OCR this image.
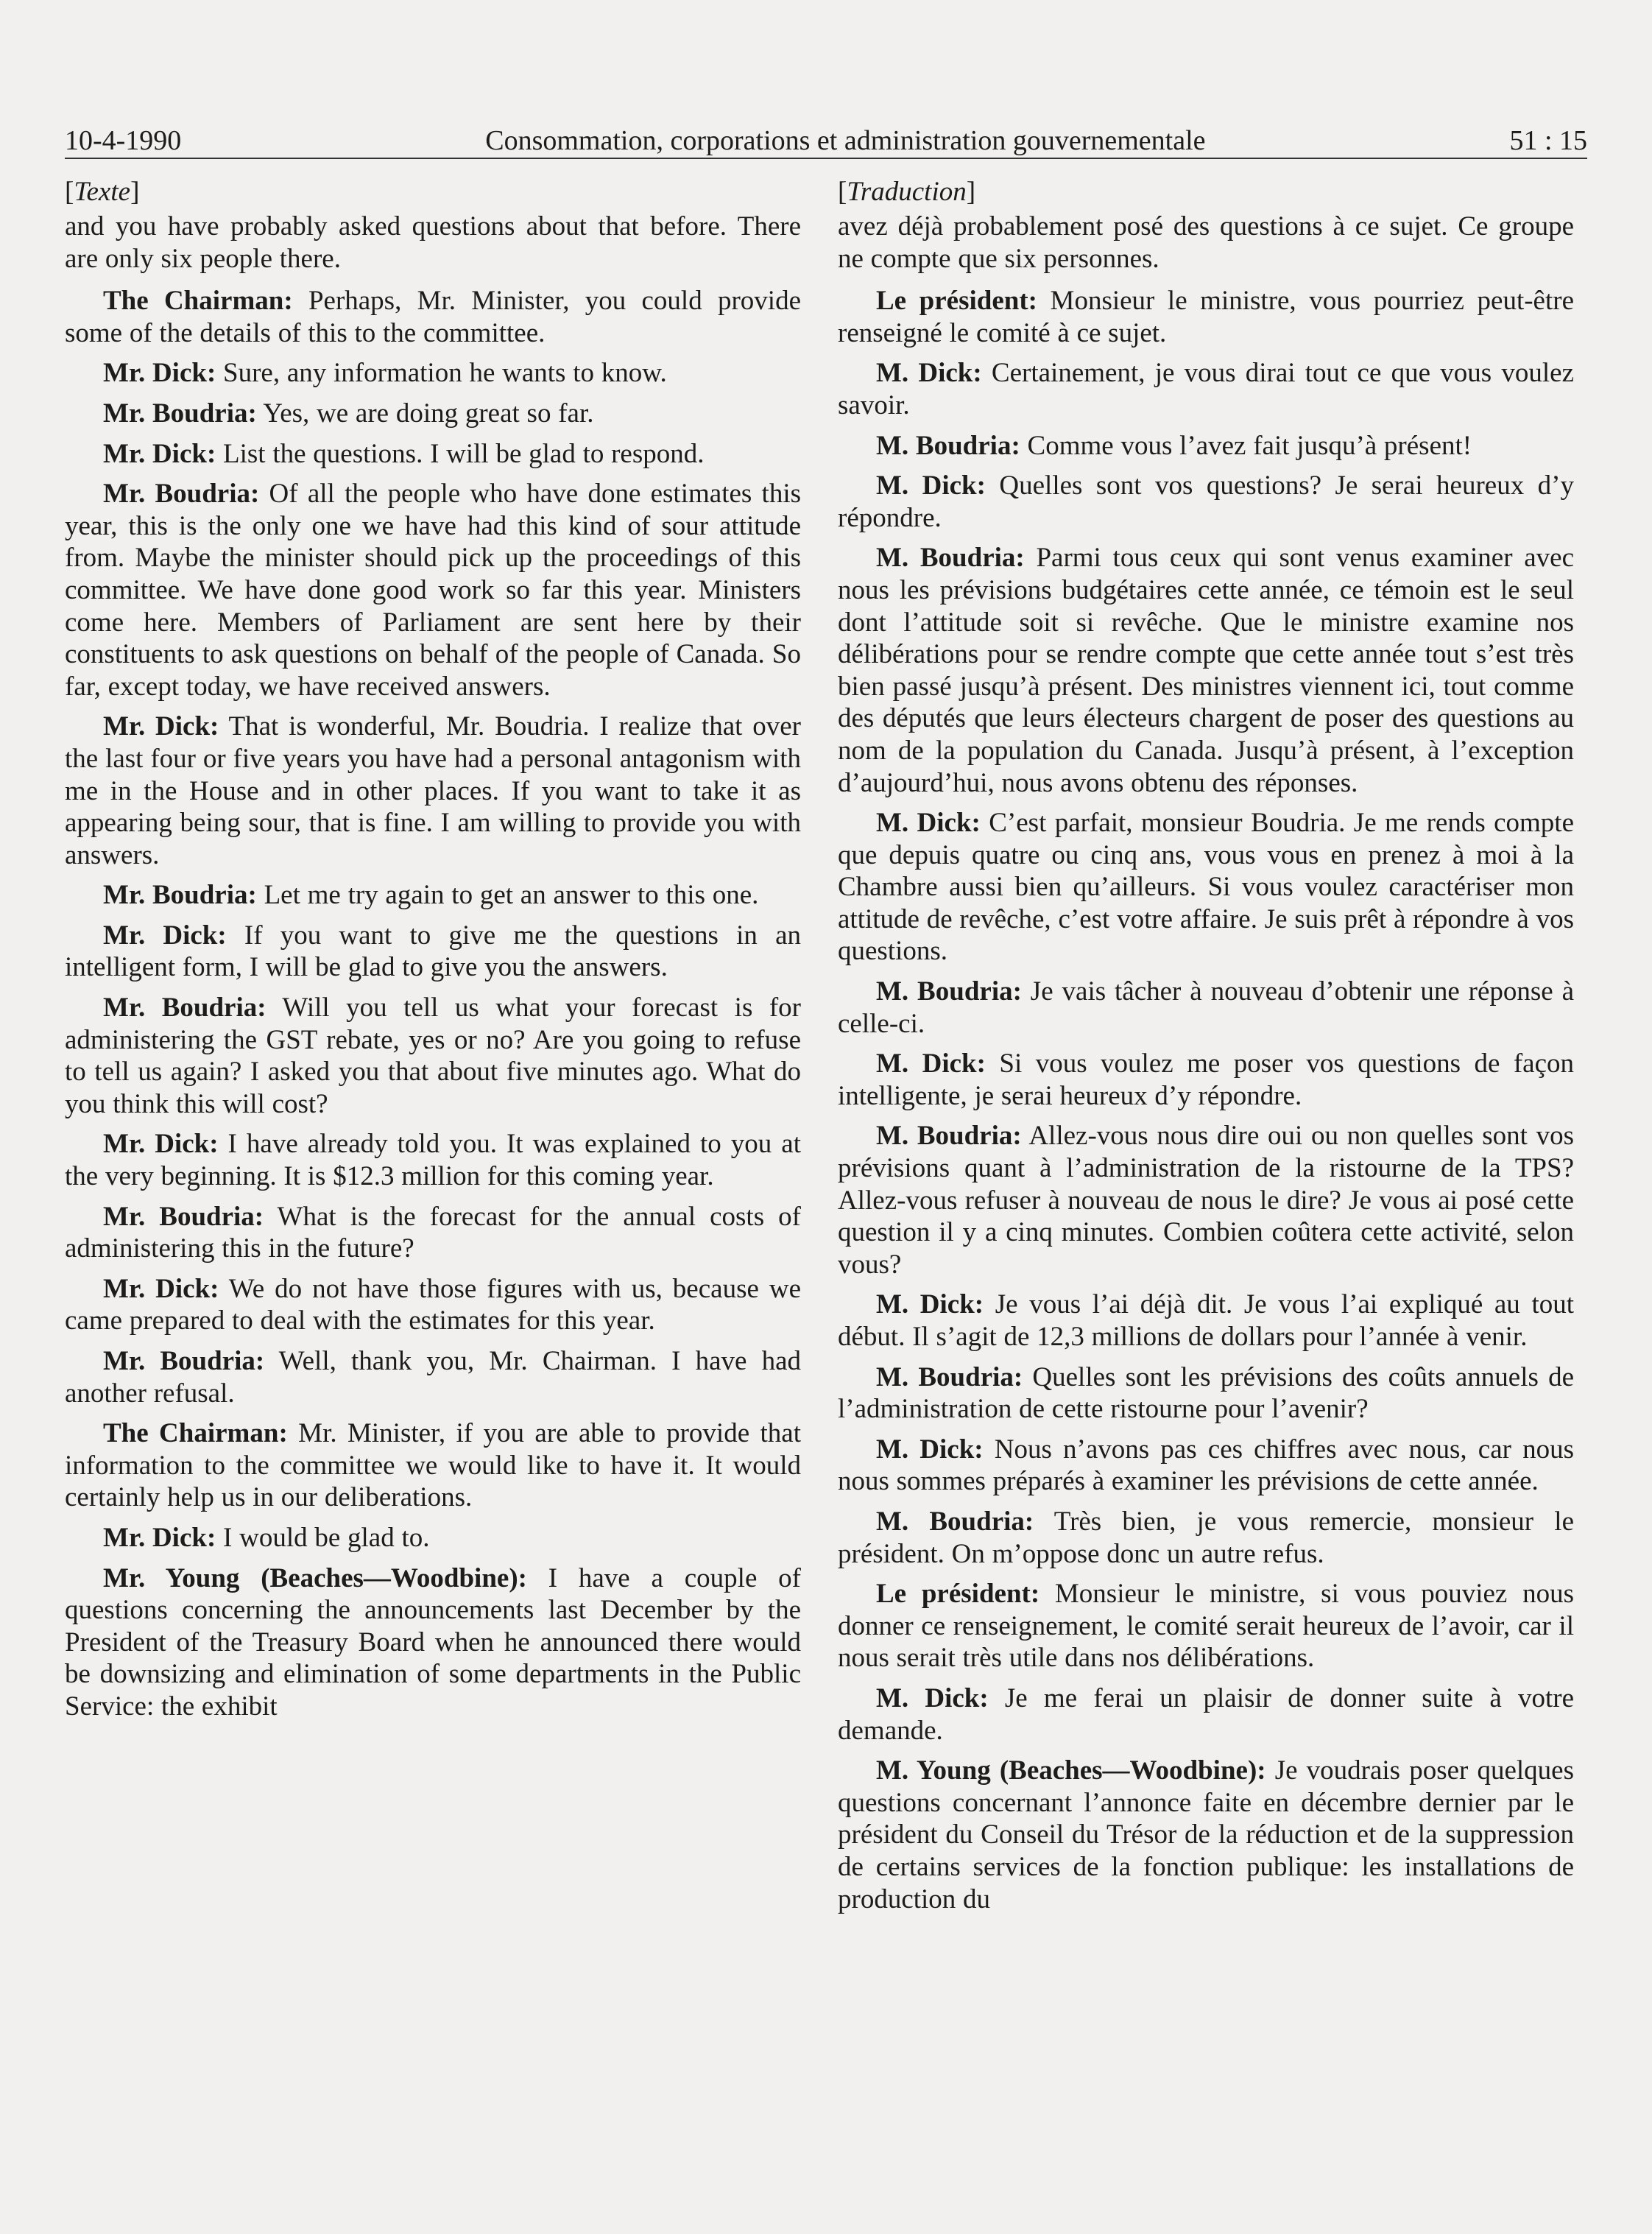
10-4-1990	Consommation, corporations et administration gouvernementale	51 : 15
[Texte]

and you have probably asked questions about that before. There are only six people there.

The Chairman: Perhaps, Mr. Minister, you could provide some of the details of this to the committee.

Mr. Dick: Sure, any information he wants to know.

Mr. Boudria: Yes, we are doing great so far.

Mr. Dick: List the questions. I will be glad to respond.

Mr. Boudria: Of all the people who have done estimates this year, this is the only one we have had this kind of sour attitude from. Maybe the minister should pick up the proceedings of this committee. We have done good work so far this year. Ministers come here. Members of Parliament are sent here by their constituents to ask questions on behalf of the people of Canada. So far, except today, we have received answers.

Mr. Dick: That is wonderful, Mr. Boudria. I realize that over the last four or five years you have had a personal antagonism with me in the House and in other places. If you want to take it as appearing being sour, that is fine. I am willing to provide you with answers.

Mr. Boudria: Let me try again to get an answer to this one.

Mr. Dick: If you want to give me the questions in an intelligent form, I will be glad to give you the answers.

Mr. Boudria: Will you tell us what your forecast is for administering the GST rebate, yes or no? Are you going to refuse to tell us again? I asked you that about five minutes ago. What do you think this will cost?

Mr. Dick: I have already told you. It was explained to you at the very beginning. It is $12.3 million for this coming year.

Mr. Boudria: What is the forecast for the annual costs of administering this in the future?

Mr. Dick: We do not have those figures with us, because we came prepared to deal with the estimates for this year.

Mr. Boudria: Well, thank you, Mr. Chairman. I have had another refusal.

The Chairman: Mr. Minister, if you are able to provide that information to the committee we would like to have it. It would certainly help us in our deliberations.

Mr. Dick: I would be glad to.

Mr. Young (Beaches—Woodbine): I have a couple of questions concerning the announcements last December by the President of the Treasury Board when he announced there would be downsizing and elimination of some departments in the Public Service: the exhibit

[Traduction]

avez déjà probablement posé des questions à ce sujet. Ce groupe ne compte que six personnes.

Le président: Monsieur le ministre, vous pourriez peut-être renseigné le comité à ce sujet.

M. Dick: Certainement, je vous dirai tout ce que vous voulez savoir.

M. Boudria: Comme vous l’avez fait jusqu’à présent!

M. Dick: Quelles sont vos questions? Je serai heureux d’y répondre.

M. Boudria: Parmi tous ceux qui sont venus examiner avec nous les prévisions budgétaires cette année, ce témoin est le seul dont l’attitude soit si revêche. Que le ministre examine nos délibérations pour se rendre compte que cette année tout s’est très bien passé jusqu’à présent. Des ministres viennent ici, tout comme des députés que leurs électeurs chargent de poser des questions au nom de la population du Canada. Jusqu’à présent, à l’exception d’aujourd’hui, nous avons obtenu des réponses.

M. Dick: C’est parfait, monsieur Boudria. Je me rends compte que depuis quatre ou cinq ans, vous vous en prenez à moi à la Chambre aussi bien qu’ailleurs. Si vous voulez caractériser mon attitude de revêche, c’est votre affaire. Je suis prêt à répondre à vos questions.

M. Boudria: Je vais tâcher à nouveau d’obtenir une réponse à celle-ci.

M. Dick: Si vous voulez me poser vos questions de façon intelligente, je serai heureux d’y répondre.

M. Boudria: Allez-vous nous dire oui ou non quelles sont vos prévisions quant à l’administration de la ristourne de la TPS? Allez-vous refuser à nouveau de nous le dire? Je vous ai posé cette question il y a cinq minutes. Combien coûtera cette activité, selon vous?

M. Dick: Je vous l’ai déjà dit. Je vous l’ai expliqué au tout début. Il s’agit de 12,3 millions de dollars pour l’année à venir.

M. Boudria: Quelles sont les prévisions des coûts annuels de l’administration de cette ristourne pour l’avenir?

M. Dick: Nous n’avons pas ces chiffres avec nous, car nous nous sommes préparés à examiner les prévisions de cette année.

M. Boudria: Très bien, je vous remercie, monsieur le président. On m’oppose donc un autre refus.

Le président: Monsieur le ministre, si vous pouviez nous donner ce renseignement, le comité serait heureux de l’avoir, car il nous serait très utile dans nos délibérations.

M. Dick: Je me ferai un plaisir de donner suite à votre demande.

M. Young (Beaches—Woodbine): Je voudrais poser quelques questions concernant l’annonce faite en décembre dernier par le président du Conseil du Trésor de la réduction et de la suppression de certains services de la fonction publique: les installations de production du
